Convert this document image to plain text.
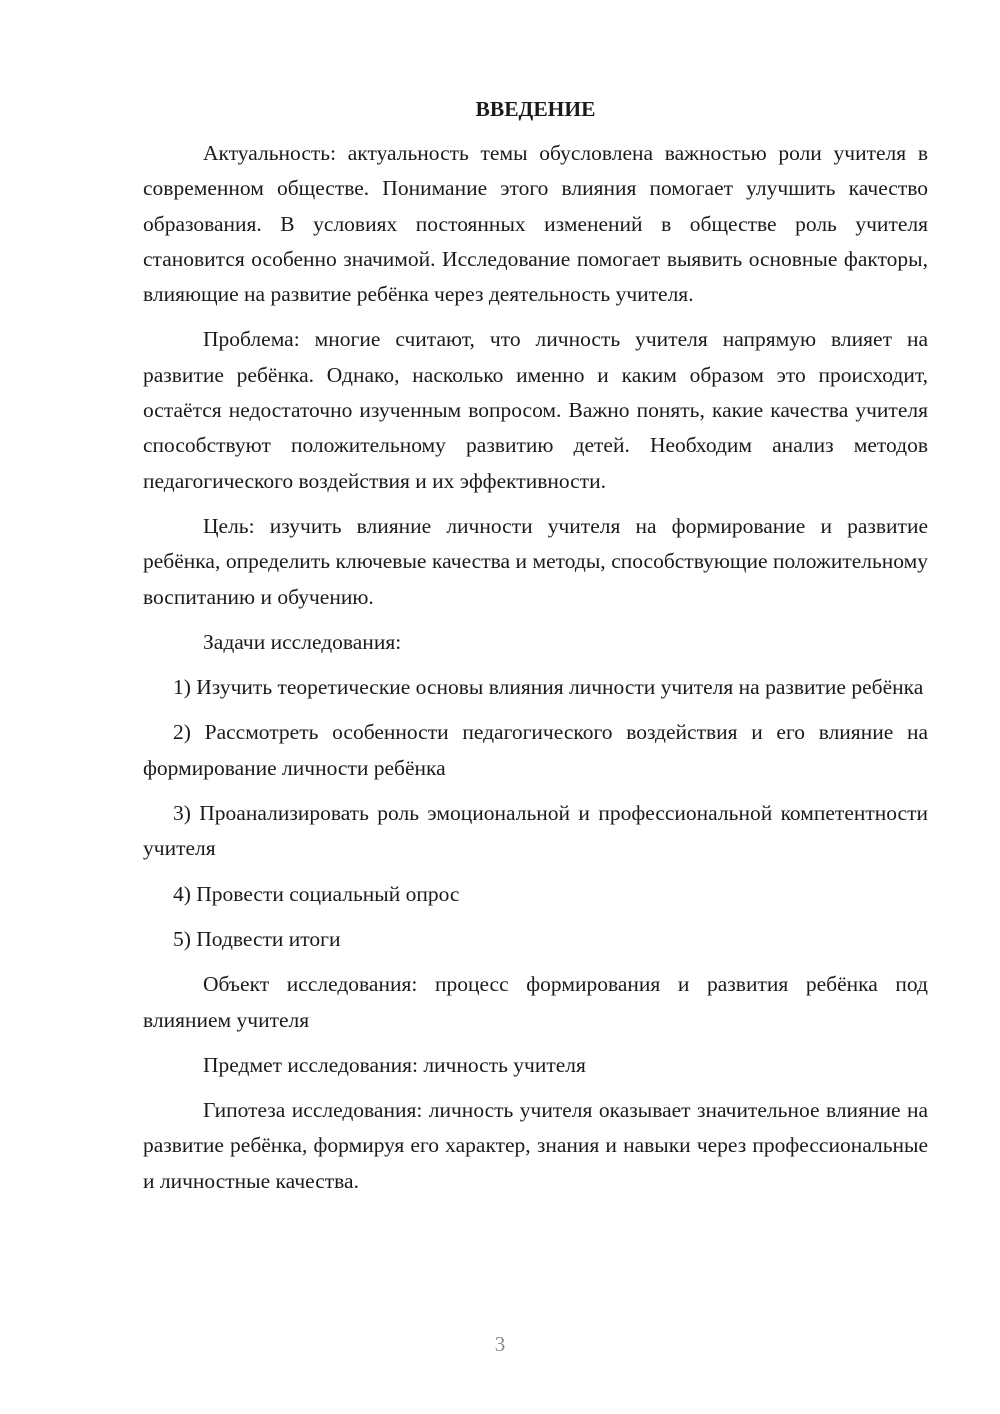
ВВЕДЕНИЕ

Актуальность: актуальность темы обусловлена важностью роли учителя в современном обществе. Понимание этого влияния помогает улучшить качество образования. В условиях постоянных изменений в обществе роль учителя становится особенно значимой. Исследование помогает выявить основные факторы, влияющие на развитие ребёнка через деятельность учителя.

Проблема: многие считают, что личность учителя напрямую влияет на развитие ребёнка. Однако, насколько именно и каким образом это происходит, остаётся недостаточно изученным вопросом. Важно понять, какие качества учителя способствуют положительному развитию детей. Необходим анализ методов педагогического воздействия и их эффективности.

Цель: изучить влияние личности учителя на формирование и развитие ребёнка, определить ключевые качества и методы, способствующие положительному воспитанию и обучению.

Задачи исследования:

1) Изучить теоретические основы влияния личности учителя на развитие ребёнка

2) Рассмотреть особенности педагогического воздействия и его влияние на формирование личности ребёнка

3) Проанализировать роль эмоциональной и профессиональной компетентности учителя

4) Провести социальный опрос

5) Подвести итоги

Объект исследования: процесс формирования и развития ребёнка под влиянием учителя

Предмет исследования: личность учителя

Гипотеза исследования: личность учителя оказывает значительное влияние на развитие ребёнка, формируя его характер, знания и навыки через профессиональные и личностные качества.

3
